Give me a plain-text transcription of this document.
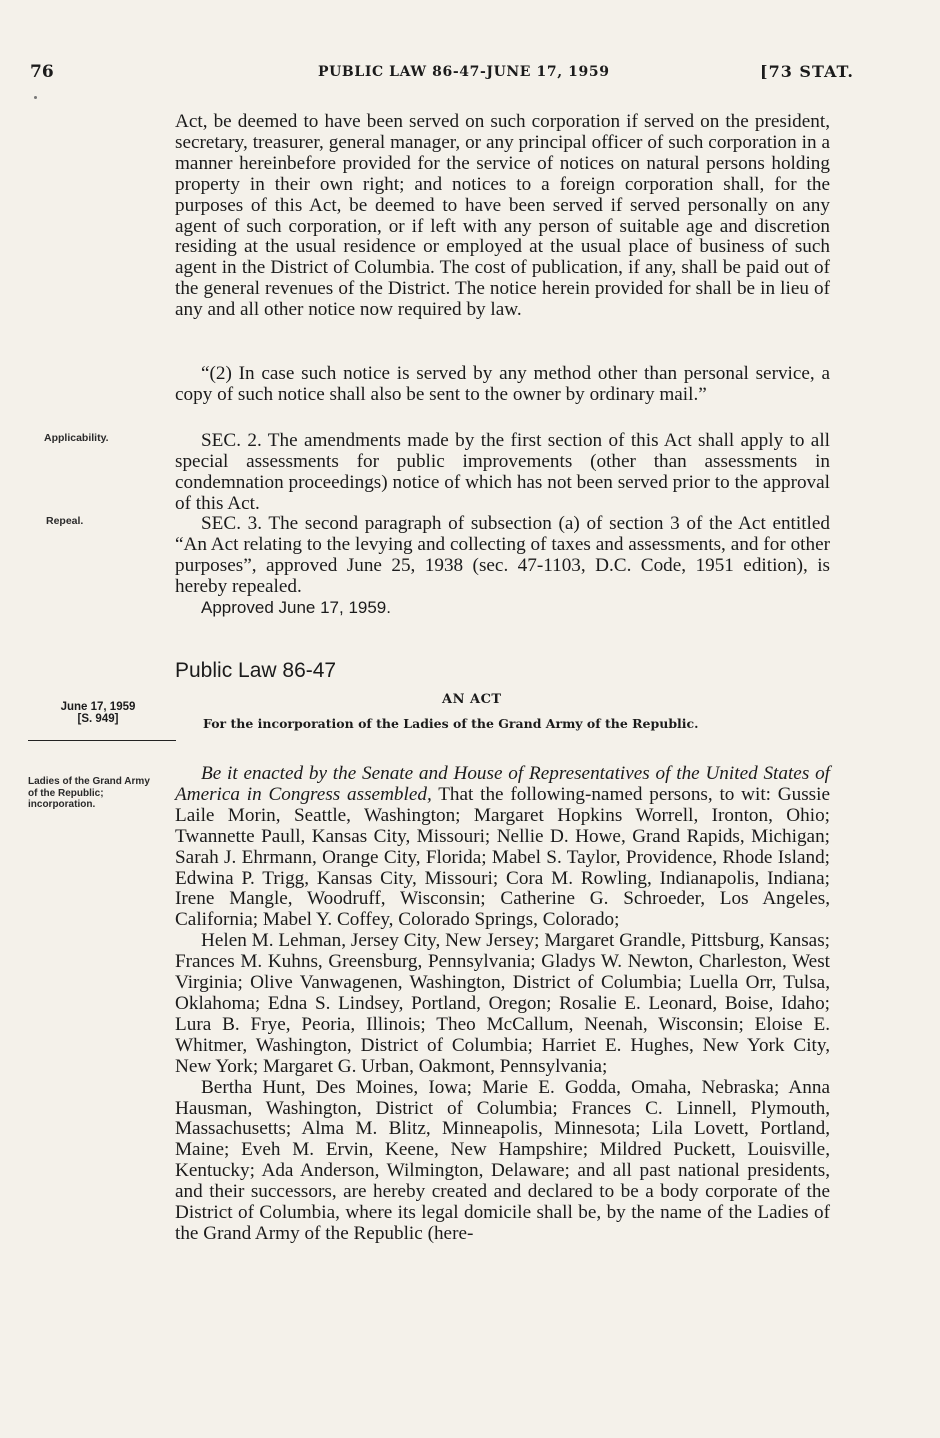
76	PUBLIC LAW 86-47-JUNE 17, 1959	[73 STAT.

Act, be deemed to have been served on such corporation if served on the president, secretary, treasurer, general manager, or any principal officer of such corporation in a manner hereinbefore provided for the service of notices on natural persons holding property in their own right; and notices to a foreign corporation shall, for the purposes of this Act, be deemed to have been served if served personally on any agent of such corporation, or if left with any person of suitable age and discretion residing at the usual residence or employed at the usual place of business of such agent in the District of Columbia. The cost of publication, if any, shall be paid out of the general revenues of the District. The notice herein provided for shall be in lieu of any and all other notice now required by law.

“(2) In case such notice is served by any method other than personal service, a copy of such notice shall also be sent to the owner by ordinary mail.”

SEC. 2. The amendments made by the first section of this Act shall apply to all special assessments for public improvements (other than assessments in condemnation proceedings) notice of which has not been served prior to the approval of this Act.

SEC. 3. The second paragraph of subsection (a) of section 3 of the Act entitled “An Act relating to the levying and collecting of taxes and assessments, and for other purposes”, approved June 25, 1938 (sec. 47-1103, D.C. Code, 1951 edition), is hereby repealed.

Applicability.
Repeal.
Approved June 17, 1959.
Public Law 86-47
AN ACT
For the incorporation of the Ladies of the Grand Army of the Republic.
June 17, 1959
[S. 949]
Ladies of the Grand Army of the Republic; incorporation.

Be it enacted by the Senate and House of Representatives of the United States of America in Congress assembled, That the following-named persons, to wit: Gussie Laile Morin, Seattle, Washington; Margaret Hopkins Worrell, Ironton, Ohio; Twannette Paull, Kansas City, Missouri; Nellie D. Howe, Grand Rapids, Michigan; Sarah J. Ehrmann, Orange City, Florida; Mabel S. Taylor, Providence, Rhode Island; Edwina P. Trigg, Kansas City, Missouri; Cora M. Rowling, Indianapolis, Indiana; Irene Mangle, Woodruff, Wisconsin; Catherine G. Schroeder, Los Angeles, California; Mabel Y. Coffey, Colorado Springs, Colorado;

Helen M. Lehman, Jersey City, New Jersey; Margaret Grandle, Pittsburg, Kansas; Frances M. Kuhns, Greensburg, Pennsylvania; Gladys W. Newton, Charleston, West Virginia; Olive Vanwagenen, Washington, District of Columbia; Luella Orr, Tulsa, Oklahoma; Edna S. Lindsey, Portland, Oregon; Rosalie E. Leonard, Boise, Idaho; Lura B. Frye, Peoria, Illinois; Theo McCallum, Neenah, Wisconsin; Eloise E. Whitmer, Washington, District of Columbia; Harriet E. Hughes, New York City, New York; Margaret G. Urban, Oakmont, Pennsylvania;

Bertha Hunt, Des Moines, Iowa; Marie E. Godda, Omaha, Nebraska; Anna Hausman, Washington, District of Columbia; Frances C. Linnell, Plymouth, Massachusetts; Alma M. Blitz, Minneapolis, Minnesota; Lila Lovett, Portland, Maine; Eveh M. Ervin, Keene, New Hampshire; Mildred Puckett, Louisville, Kentucky; Ada Anderson, Wilmington, Delaware; and all past national presidents, and their successors, are hereby created and declared to be a body corporate of the District of Columbia, where its legal domicile shall be, by the name of the Ladies of the Grand Army of the Republic (here-
